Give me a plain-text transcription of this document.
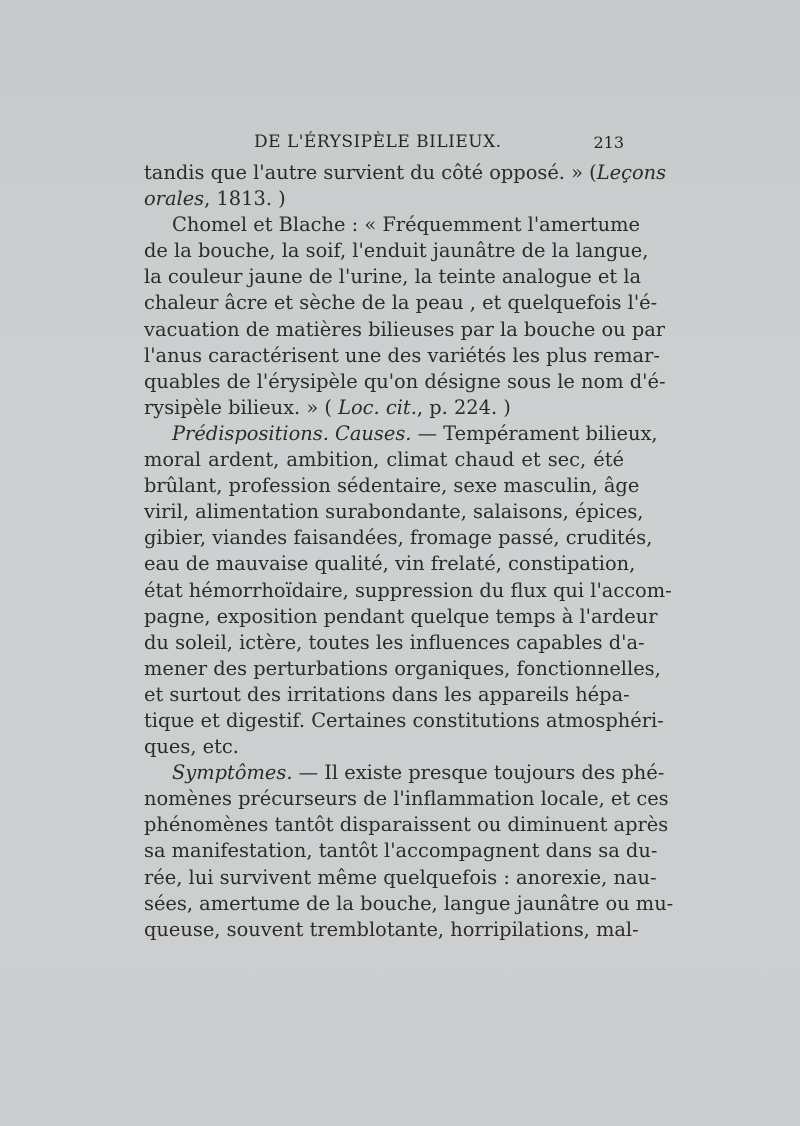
DE L'ÉRYSIPÈLE BILIEUX.	213
tandis que l'autre survient du côté opposé. » (Leçons
orales, 1813. )
Chomel et Blache : « Fréquemment l'amertume
de la bouche, la soif, l'enduit jaunâtre de la langue,
la couleur jaune de l'urine, la teinte analogue et la
chaleur âcre et sèche de la peau , et quelquefois l'é-
vacuation de matières bilieuses par la bouche ou par
l'anus caractérisent une des variétés les plus remar-
quables de l'érysipèle qu'on désigne sous le nom d'é-
rysipèle bilieux. » ( Loc. cit., p. 224. )
Prédispositions. Causes. — Tempérament bilieux,
moral ardent, ambition, climat chaud et sec, été
brûlant, profession sédentaire, sexe masculin, âge
viril, alimentation surabondante, salaisons, épices,
gibier, viandes faisandées, fromage passé, crudités,
eau de mauvaise qualité, vin frelaté, constipation,
état hémorrhoïdaire, suppression du flux qui l'accom-
pagne, exposition pendant quelque temps à l'ardeur
du soleil, ictère, toutes les influences capables d'a-
mener des perturbations organiques, fonctionnelles,
et surtout des irritations dans les appareils hépa-
tique et digestif. Certaines constitutions atmosphéri-
ques, etc.
Symptômes. — Il existe presque toujours des phé-
nomènes précurseurs de l'inflammation locale, et ces
phénomènes tantôt disparaissent ou diminuent après
sa manifestation, tantôt l'accompagnent dans sa du-
rée, lui survivent même quelquefois : anorexie, nau-
sées, amertume de la bouche, langue jaunâtre ou mu-
queuse, souvent tremblotante, horripilations, mal-
